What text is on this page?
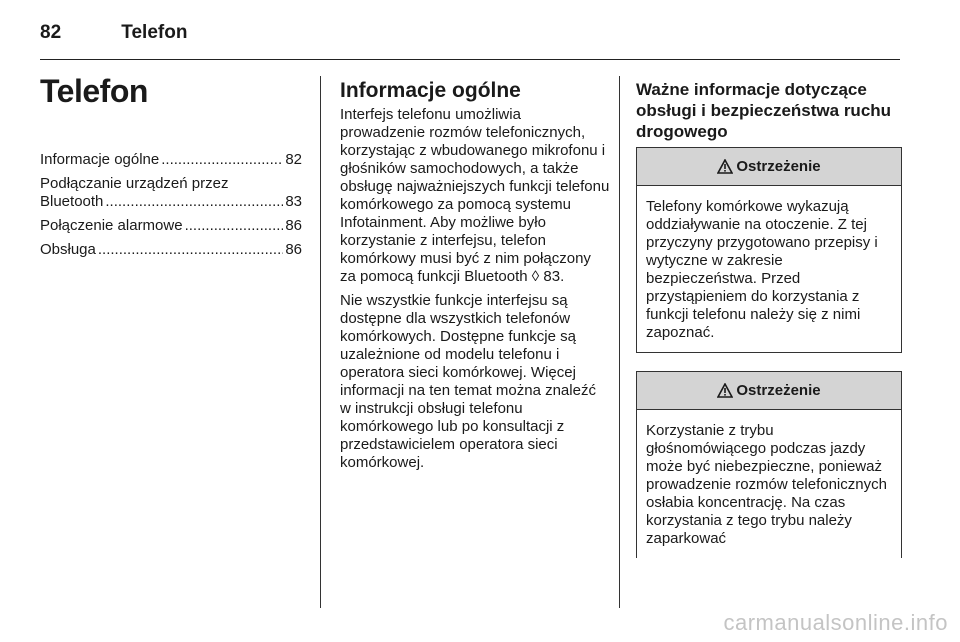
82	Telefon
Telefon
Informacje ogólne .....	82
Podłączanie urządzeń przez
Bluetooth .....	83
Połączenie alarmowe .....	86
Obsługa .....	86
Informacje ogólne

Interfejs telefonu umożliwia prowadzenie rozmów telefonicznych, korzystając z wbudowanego mikrofonu i głośników samochodowych, a także obsługę najważniejszych funkcji telefonu komórkowego za pomocą systemu Infotainment. Aby możliwe było korzystanie z interfejsu, telefon komórkowy musi być z nim połączony za pomocą funkcji Bluetooth ◊ 83.

Nie wszystkie funkcje interfejsu są dostępne dla wszystkich telefonów komórkowych. Dostępne funkcje są uzależnione od modelu telefonu i operatora sieci komórkowej. Więcej informacji na ten temat można znaleźć w instrukcji obsługi telefonu komórkowego lub po konsultacji z przedstawicielem operatora sieci komórkowej.

Ważne informacje dotyczące obsługi i bezpieczeństwa ruchu drogowego
Ostrzeżenie
Telefony komórkowe wykazują oddziaływanie na otoczenie. Z tej przyczyny przygotowano przepisy i wytyczne w zakresie bezpieczeństwa. Przed przystąpieniem do korzystania z funkcji telefonu należy się z nimi zapoznać.
Ostrzeżenie
Korzystanie z trybu głośnomówiącego podczas jazdy może być niebezpieczne, ponieważ prowadzenie rozmów telefonicznych osłabia koncentrację. Na czas korzystania z tego trybu należy zaparkować
carmanualsonline.info
